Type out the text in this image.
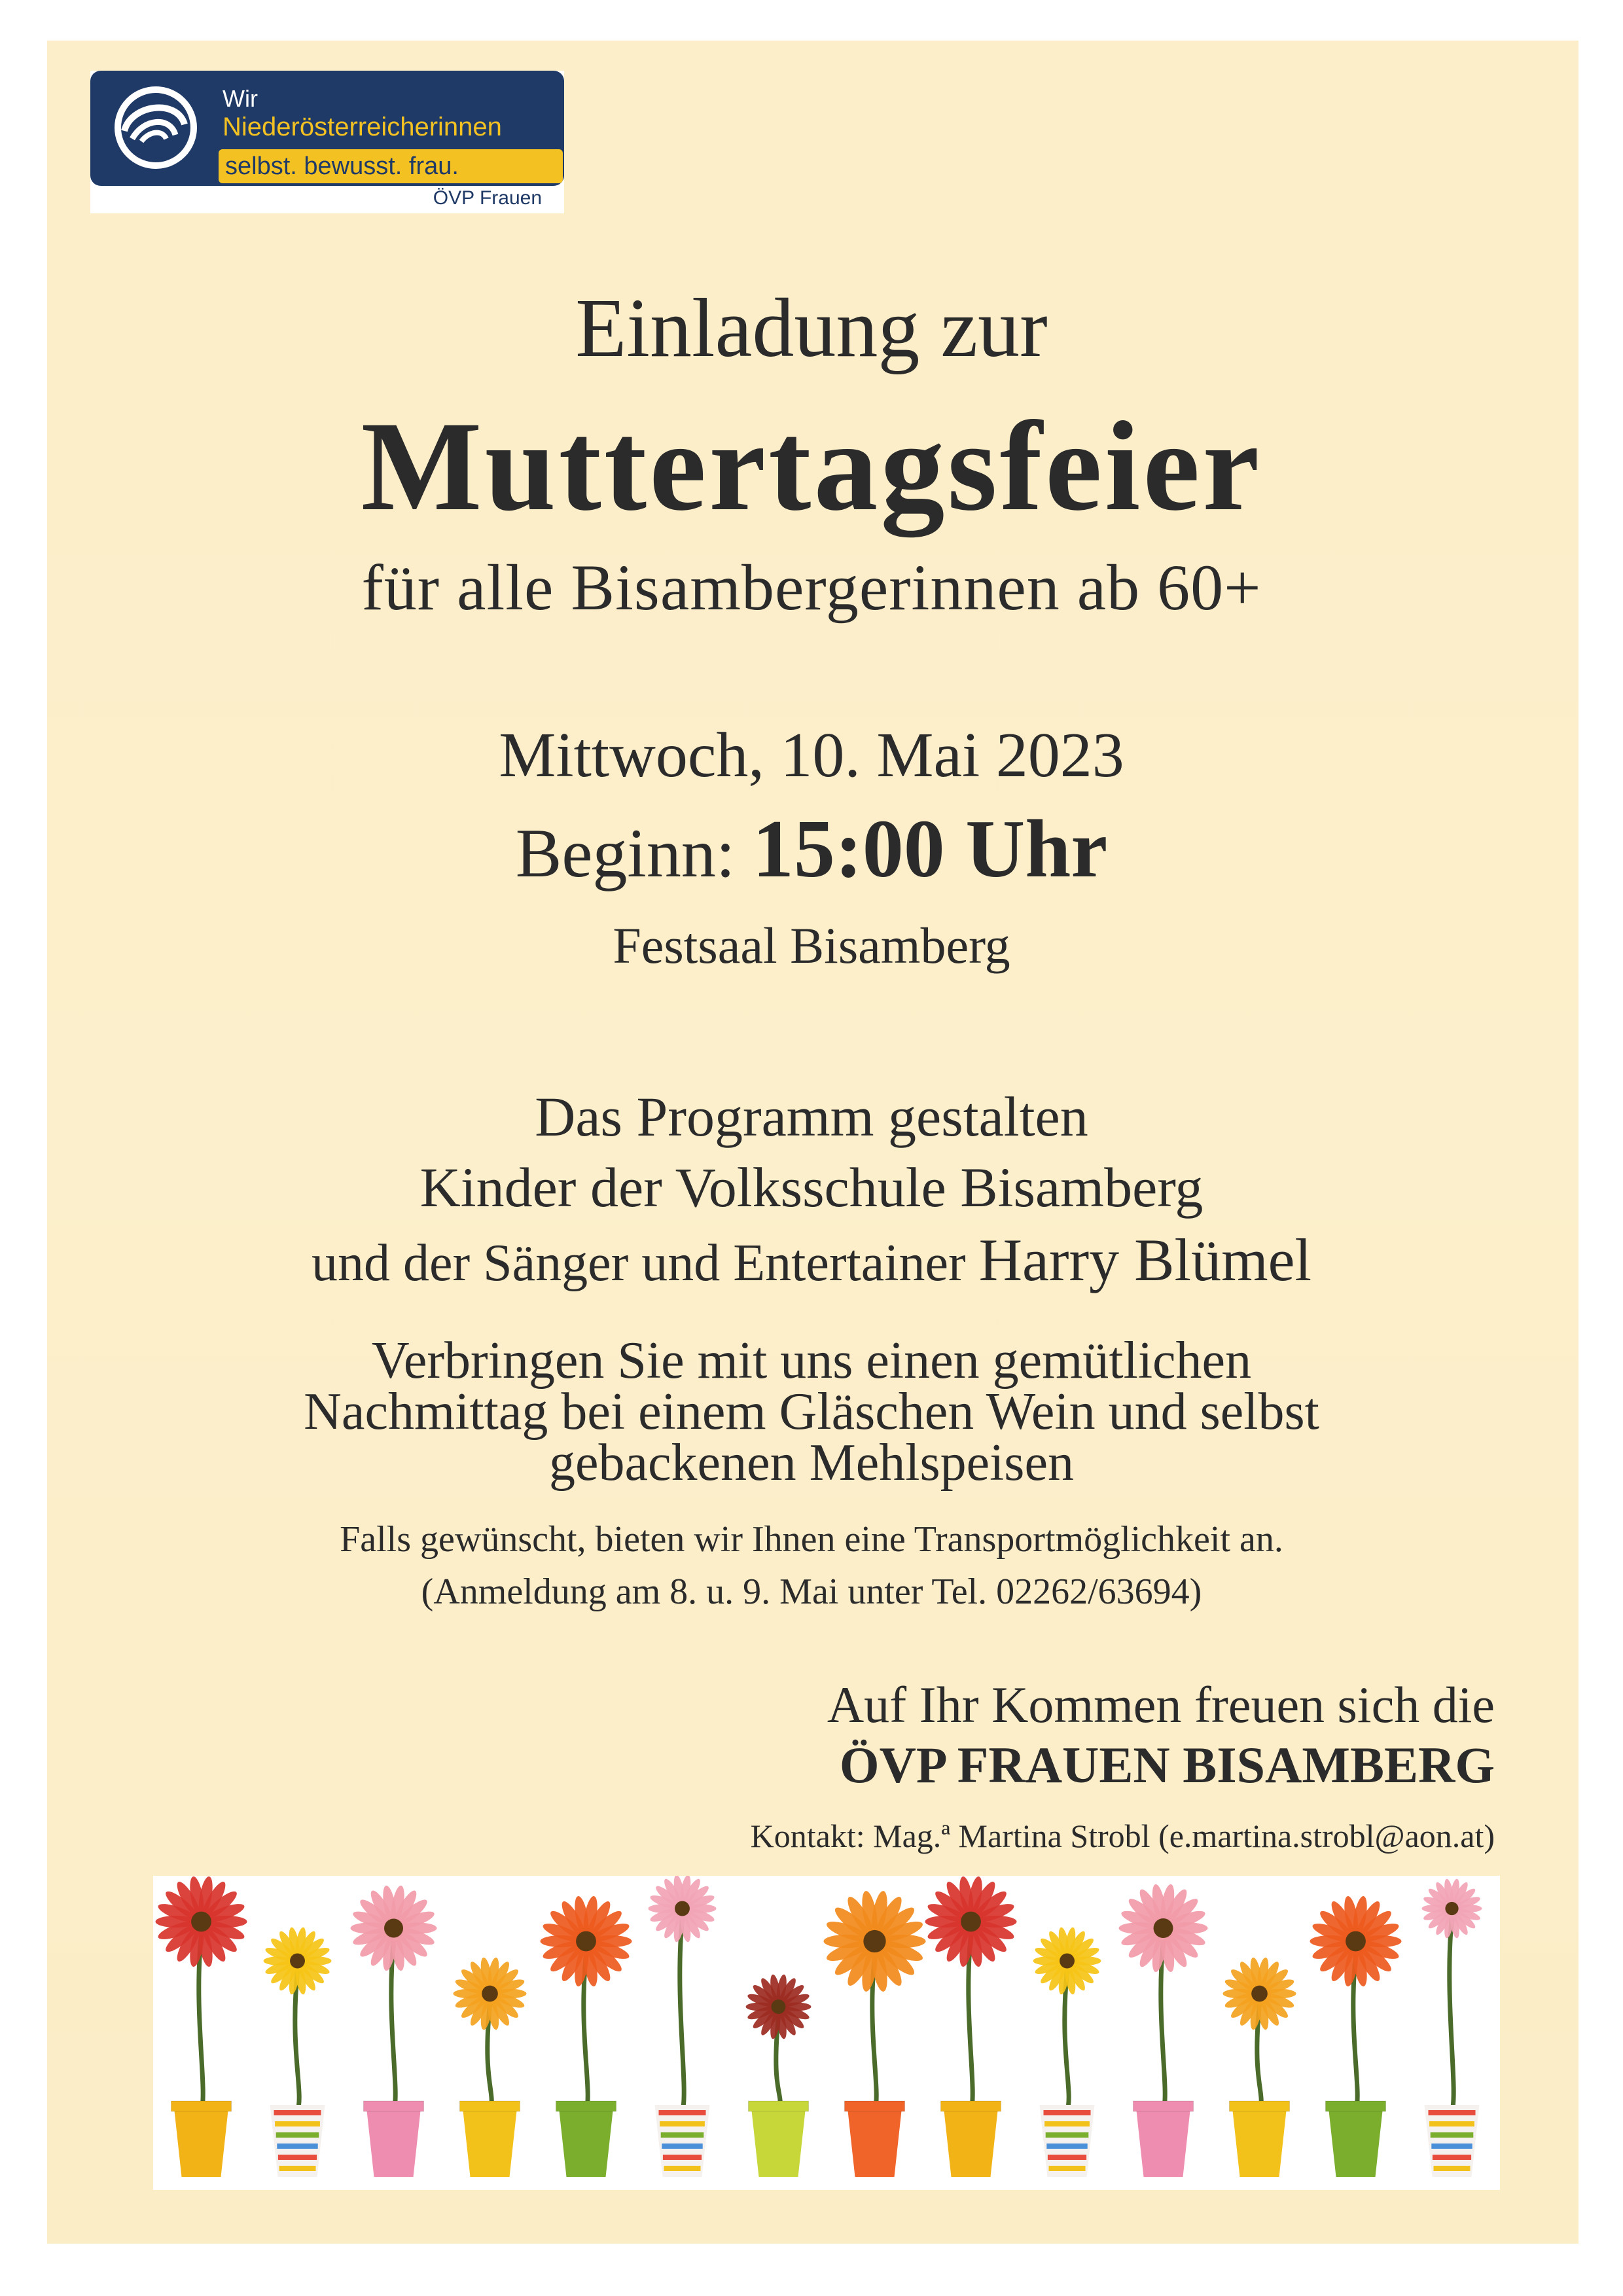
Wir
Niederösterreicherinnen
selbst. bewusst. frau.
ÖVP Frauen
Einladung zur
Muttertagsfeier
für alle Bisambergerinnen ab 60+
Mittwoch, 10. Mai 2023
Beginn: 15:00 Uhr
Festsaal Bisamberg
Das Programm gestalten
Kinder der Volksschule Bisamberg
und der Sänger und Entertainer Harry Blümel
Verbringen Sie mit uns einen gemütlichen
Nachmittag bei einem Gläschen Wein und selbst
gebackenen Mehlspeisen
Falls gewünscht, bieten wir Ihnen eine Transportmöglichkeit an.
(Anmeldung am 8. u. 9. Mai unter Tel. 02262/63694)
Auf Ihr Kommen freuen sich die
ÖVP FRAUEN BISAMBERG
Kontakt: Mag.ª Martina Strobl (e.martina.strobl@aon.at)
